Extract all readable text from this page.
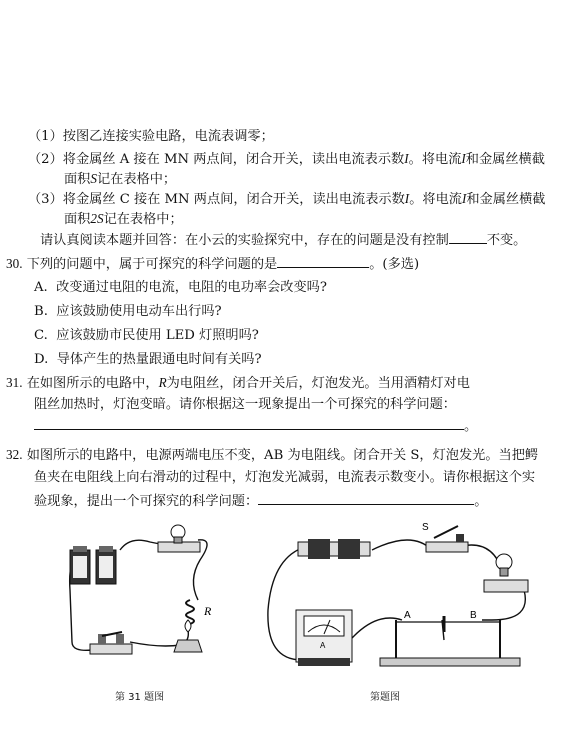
（1）按图乙连接实验电路，电流表调零；
（2）将金属丝 A 接在 MN 两点间，闭合开关，读出电流表示数I。将电流I和金属丝横截
面积S记在表格中；
（3）将金属丝 C 接在 MN 两点间，闭合开关，读出电流表示数I。将电流I和金属丝横截
面积2S记在表格中；
请认真阅读本题并回答：在小云的实验探究中，存在的问题是没有控制	不变。
30. 下列的问题中，属于可探究的科学问题的是	。(多选)
A. 改变通过电阻的电流，电阻的电功率会改变吗?
B. 应该鼓励使用电动车出行吗?
C. 应该鼓励市民使用 LED 灯照明吗?
D. 导体产生的热量跟通电时间有关吗?
31. 在如图所示的电路中，R为电阻丝，闭合开关后，灯泡发光。当用酒精灯对电
阻丝加热时，灯泡变暗。请你根据这一现象提出一个可探究的科学问题：
。
32. 如图所示的电路中，电源两端电压不变，AB 为电阻线。闭合开关 S，灯泡发光。当把鳄
鱼夹在电阻线上向右滑动的过程中，灯泡发光减弱，电流表示数变小。请你根据这个实
验现象，提出一个可探究的科学问题：	。
R
第 31 题图
S
A
A	B
第题图
